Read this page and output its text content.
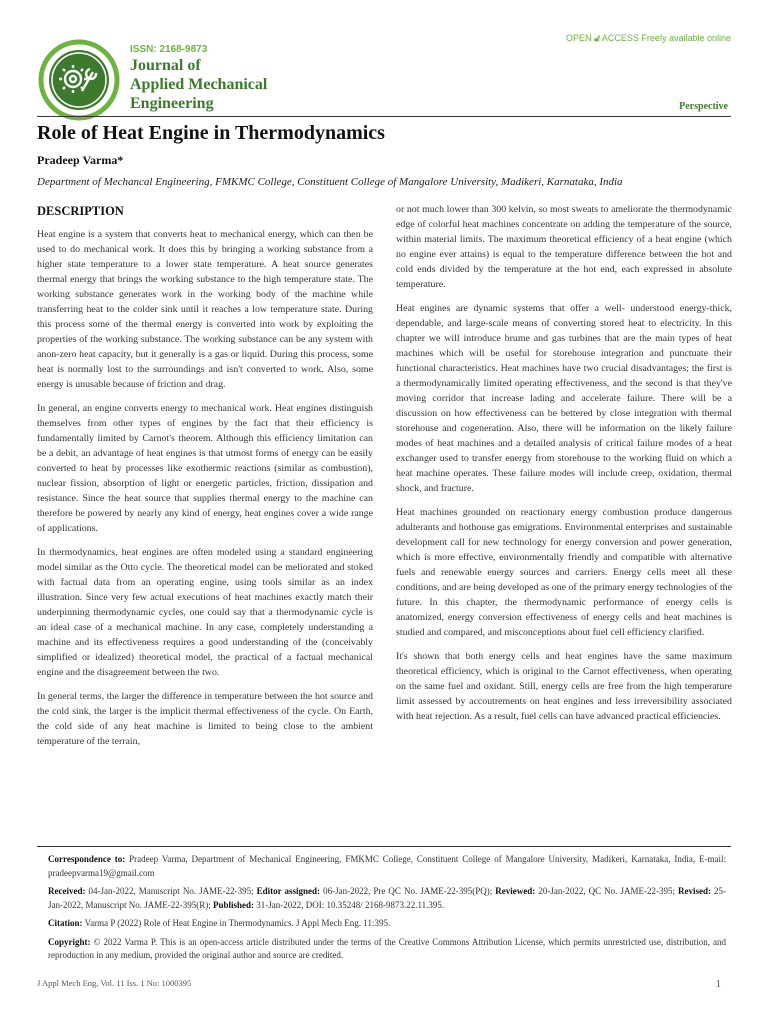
ISSN: 2168-9873
Journal of
Applied Mechanical
Engineering
OPEN 🔓︎ ACCESS Freely available online
Perspective
Role of Heat Engine in Thermodynamics
Pradeep Varma*
Department of Mechancal Engineering, FMKMC College, Constituent College of Mangalore University, Madikeri, Karnataka, India
DESCRIPTION

Heat engine is a system that converts heat to mechanical energy, which can then be used to do mechanical work. It does this by bringing a working substance from a higher state temperature to a lower state temperature. A heat source generates thermal energy that brings the working substance to the high temperature state. The working substance generates work in the working body of the machine while transferring heat to the colder sink until it reaches a low temperature state. During this process some of the thermal energy is converted into work by exploiting the properties of the working substance. The working substance can be any system with anon-zero heat capacity, but it generally is a gas or liquid. During this process, some heat is normally lost to the surroundings and isn't converted to work. Also, some energy is unusable because of friction and drag.

In general, an engine converts energy to mechanical work. Heat engines distinguish themselves from other types of engines by the fact that their efficiency is fundamentally limited by Carnot's theorem. Although this efficiency limitation can be a debit, an advantage of heat engines is that utmost forms of energy can be easily converted to heat by processes like exothermic reactions (similar as combustion), nuclear fission, absorption of light or energetic particles, friction, dissipation and resistance. Since the heat source that supplies thermal energy to the machine can therefore be powered by nearly any kind of energy, heat engines cover a wide range of applications.

In thermodynamics, heat engines are often modeled using a standard engineering model similar as the Otto cycle. The theoretical model can be meliorated and stoked with factual data from an operating engine, using tools similar as an index illustration. Since very few actual executions of heat machines exactly match their underpinning thermodynamic cycles, one could say that a thermodynamic cycle is an ideal case of a mechanical machine. In any case, completely understanding a machine and its effectiveness requires a good understanding of the (conceivably simplified or idealized) theoretical model, the practical of a factual mechanical engine and the disagreement between the two.

In general terms, the larger the difference in temperature between the hot source and the cold sink, the larger is the implicit thermal effectiveness of the cycle. On Earth, the cold side of any heat machine is limited to being close to the ambient temperature of the terrain,

or not much lower than 300 kelvin, so most sweats to ameliorate the thermodynamic edge of colorful heat machines concentrate on adding the temperature of the source, within material limits. The maximum theoretical efficiency of a heat engine (which no engine ever attains) is equal to the temperature difference between the hot and cold ends divided by the temperature at the hot end, each expressed in absolute temperature.

Heat engines are dynamic systems that offer a well- understood energy-thick, dependable, and large-scale means of converting stored heat to electricity. In this chapter we will introduce brume and gas turbines that are the main types of heat machines which will be useful for storehouse integration and punctuate their functional characteristics. Heat machines have two crucial disadvantages; the first is a thermodynamically limited operating effectiveness, and the second is that they've moving corridor that increase lading and accelerate failure. There will be a discussion on how effectiveness can be bettered by close integration with thermal storehouse and cogeneration. Also, there will be information on the likely failure modes of heat machines and a detailed analysis of critical failure modes of a heat exchanger used to transfer energy from storehouse to the working fluid on which a heat machine operates. These failure modes will include creep, oxidation, thermal shock, and fracture.

Heat machines grounded on reactionary energy combustion produce dangerous adulterants and hothouse gas emigrations. Environmental enterprises and sustainable development call for new technology for energy conversion and power generation, which is more effective, environmentally friendly and compatible with alternative fuels and renewable energy sources and carriers. Energy cells meet all these conditions, and are being developed as one of the primary energy technologies of the future. In this chapter, the thermodynamic performance of energy cells is anatomized, energy conversion effectiveness of energy cells and heat machines is studied and compared, and misconceptions about fuel cell efficiency clarified.

It's shown that both energy cells and heat engines have the same maximum theoretical efficiency, which is original to the Carnot effectiveness, when operating on the same fuel and oxidant. Still, energy cells are free from the high temperature limit assessed by accoutrements on heat engines and less irreversibility associated with heat rejection. As a result, fuel cells can have advanced practical efficiencies.

Correspondence to: Pradeep Varma, Department of Mechanical Engineering, FMKMC College, Constituent College of Mangalore University, Madikeri, Karnataka, India, E-mail: pradeepvarma19@gmail.com

Received: 04-Jan-2022, Manuscript No. JAME-22-395; Editor assigned: 06-Jan-2022, Pre QC No. JAME-22-395(PQ); Reviewed: 20-Jan-2022, QC No. JAME-22-395; Revised: 25-Jan-2022, Manuscript No. JAME-22-395(R); Published: 31-Jan-2022, DOI: 10.35248/ 2168-9873.22.11.395.

Citation: Varma P (2022) Role of Heat Engine in Thermodynamics. J Appl Mech Eng. 11:395.

Copyright: © 2022 Varma P. This is an open-access article distributed under the terms of the Creative Commons Attribution License, which permits unrestricted use, distribution, and reproduction in any medium, provided the original author and source are credited.

J Appl Mech Eng, Vol. 11 Iss. 1 No: 1000395	1
